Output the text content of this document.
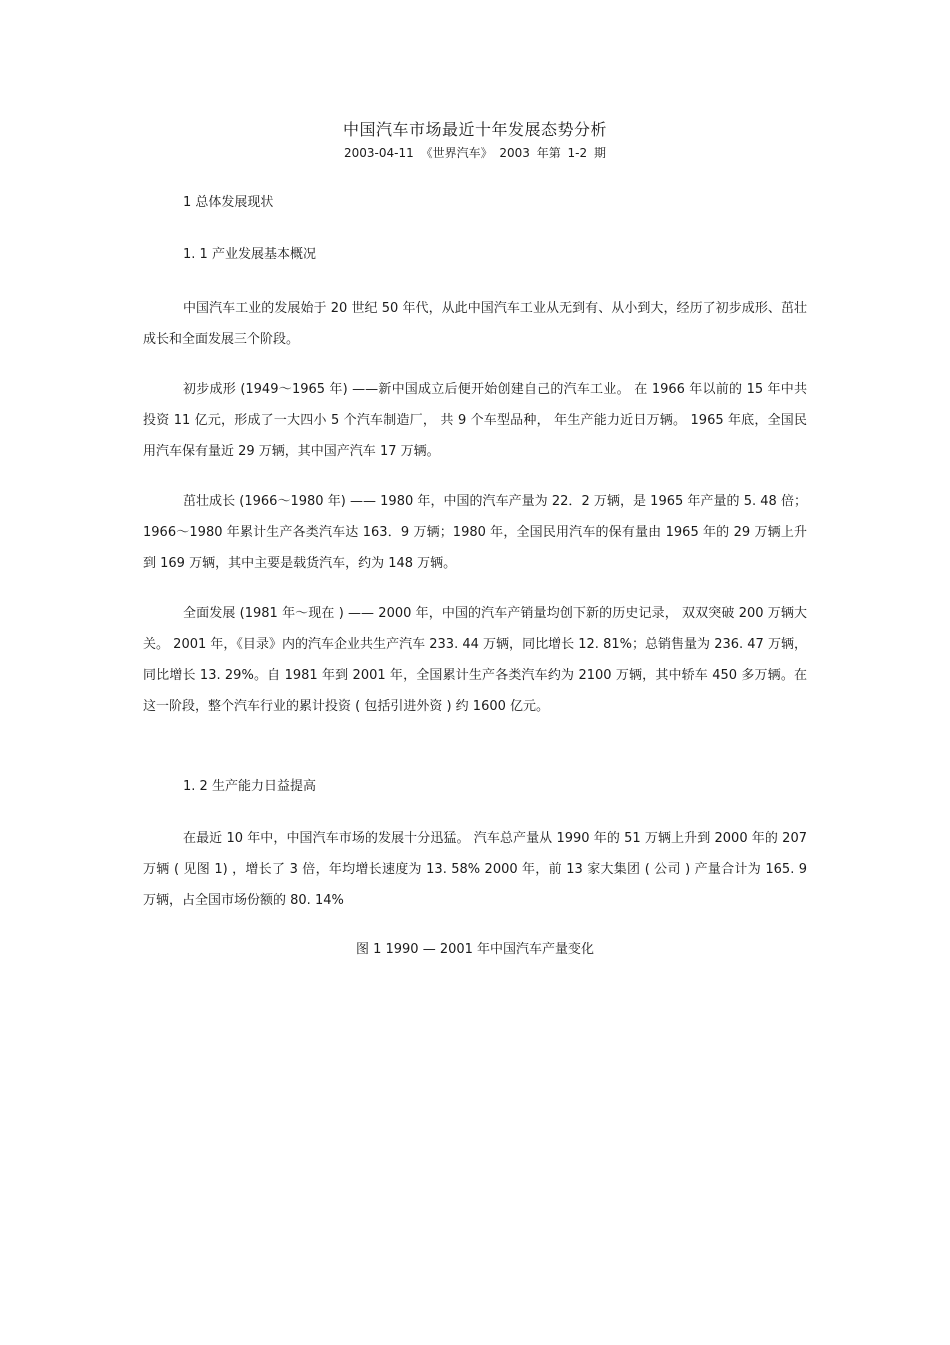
中国汽车市场最近十年发展态势分析
2003-04-11 《世界汽车》 2003 年第 1-2 期
1 总体发展现状
1. 1 产业发展基本概况
中国汽车工业的发展始于 20 世纪 50 年代，从此中国汽车工业从无到有、从小到大，经历了初步成形、茁壮成长和全面发展三个阶段。
初步成形 (1949～1965 年) ——新中国成立后便开始创建自己的汽车工业。 在 1966 年以前的 15 年中共投资 11 亿元，形成了一大四小 5 个汽车制造厂， 共 9 个车型品种， 年生产能力近日万辆。 1965 年底，全国民用汽车保有量近 29 万辆，其中国产汽车 17 万辆。
茁壮成长 (1966～1980 年) —— 1980 年，中国的汽车产量为 22．2 万辆，是 1965 年产量的 5. 48 倍；1966～1980 年累计生产各类汽车达 163．9 万辆；1980 年，全国民用汽车的保有量由 1965 年的 29 万辆上升到 169 万辆，其中主要是载货汽车，约为 148 万辆。
全面发展 (1981 年～现在 ) —— 2000 年，中国的汽车产销量均创下新的历史记录， 双双突破 200 万辆大关。 2001 年，《目录》内的汽车企业共生产汽车 233. 44 万辆，同比增长 12. 81%；总销售量为 236. 47 万辆，同比增长 13. 29%。自 1981 年到 2001 年，全国累计生产各类汽车约为 2100 万辆，其中轿车 450 多万辆。在这一阶段，整个汽车行业的累计投资 ( 包括引进外资 ) 约 1600 亿元。
1. 2 生产能力日益提高
在最近 10 年中，中国汽车市场的发展十分迅猛。 汽车总产量从 1990 年的 51 万辆上升到 2000 年的 207 万辆 ( 见图 1) ，增长了 3 倍，年均增长速度为 13. 58% 2000 年，前 13 家大集团 ( 公司 ) 产量合计为 165. 9 万辆，占全国市场份额的 80. 14%
图 1 1990 — 2001 年中国汽车产量变化
